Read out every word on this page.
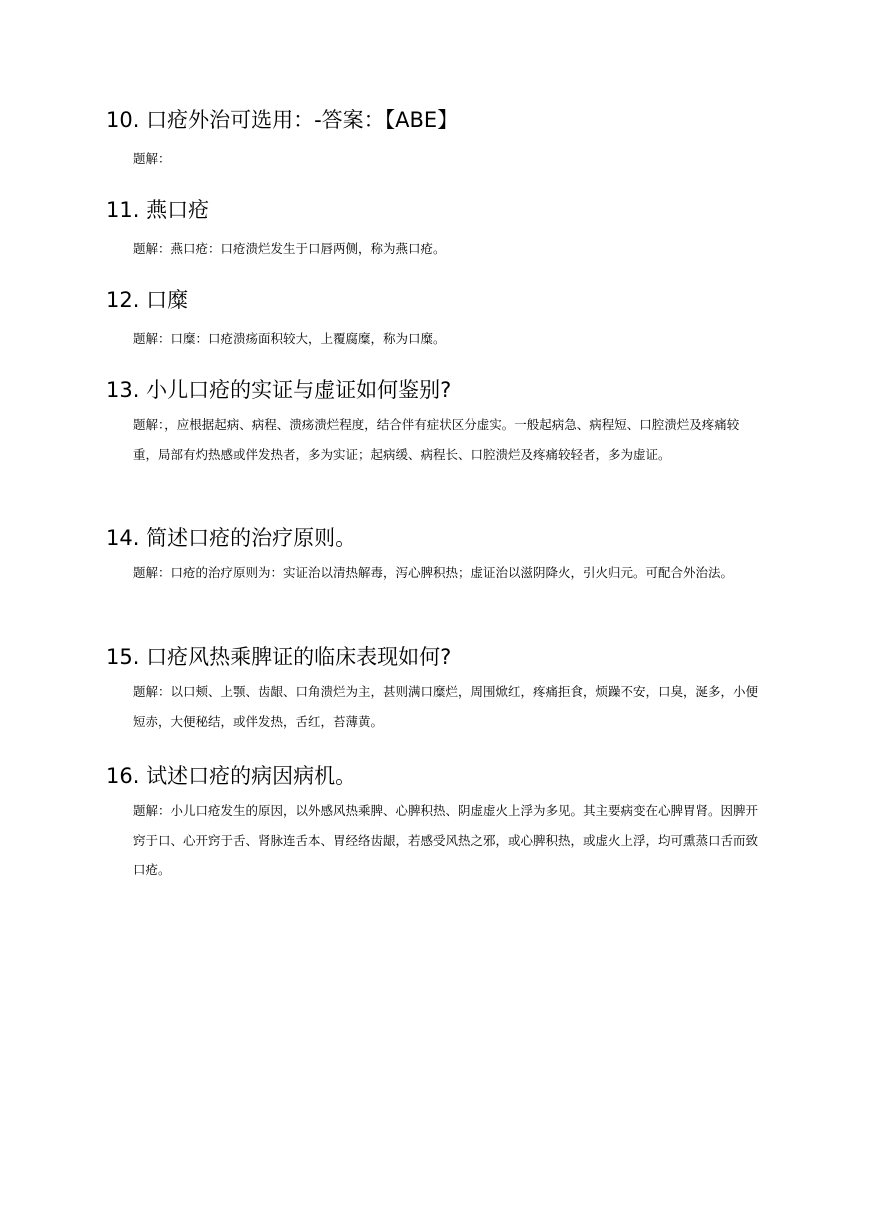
10. 口疮外治可选用：-答案：【ABE】

题解：

11. 燕口疮

题解：燕口疮：口疮溃烂发生于口唇两侧，称为燕口疮。

12. 口糜

题解：口糜：口疮溃疡面积较大，上覆腐糜，称为口糜。

13. 小儿口疮的实证与虚证如何鉴别?

题解：，应根据起病、病程、溃疡溃烂程度，结合伴有症状区分虚实。一般起病急、病程短、口腔溃烂及疼痛较重，局部有灼热感或伴发热者，多为实证；起病缓、病程长、口腔溃烂及疼痛较轻者，多为虚证。

14. 简述口疮的治疗原则。

题解：口疮的治疗原则为：实证治以清热解毒，泻心脾积热；虚证治以滋阴降火，引火归元。可配合外治法。

15. 口疮风热乘脾证的临床表现如何?

题解：以口颊、上颚、齿龈、口角溃烂为主，甚则满口糜烂，周围焮红，疼痛拒食，烦躁不安，口臭，涎多，小便短赤，大便秘结，或伴发热，舌红，苔薄黄。

16. 试述口疮的病因病机。

题解：小儿口疮发生的原因，以外感风热乘脾、心脾积热、阴虚虚火上浮为多见。其主要病变在心脾胃肾。因脾开窍于口、心开窍于舌、肾脉连舌本、胃经络齿龈，若感受风热之邪，或心脾积热，或虚火上浮，均可熏蒸口舌而致口疮。
